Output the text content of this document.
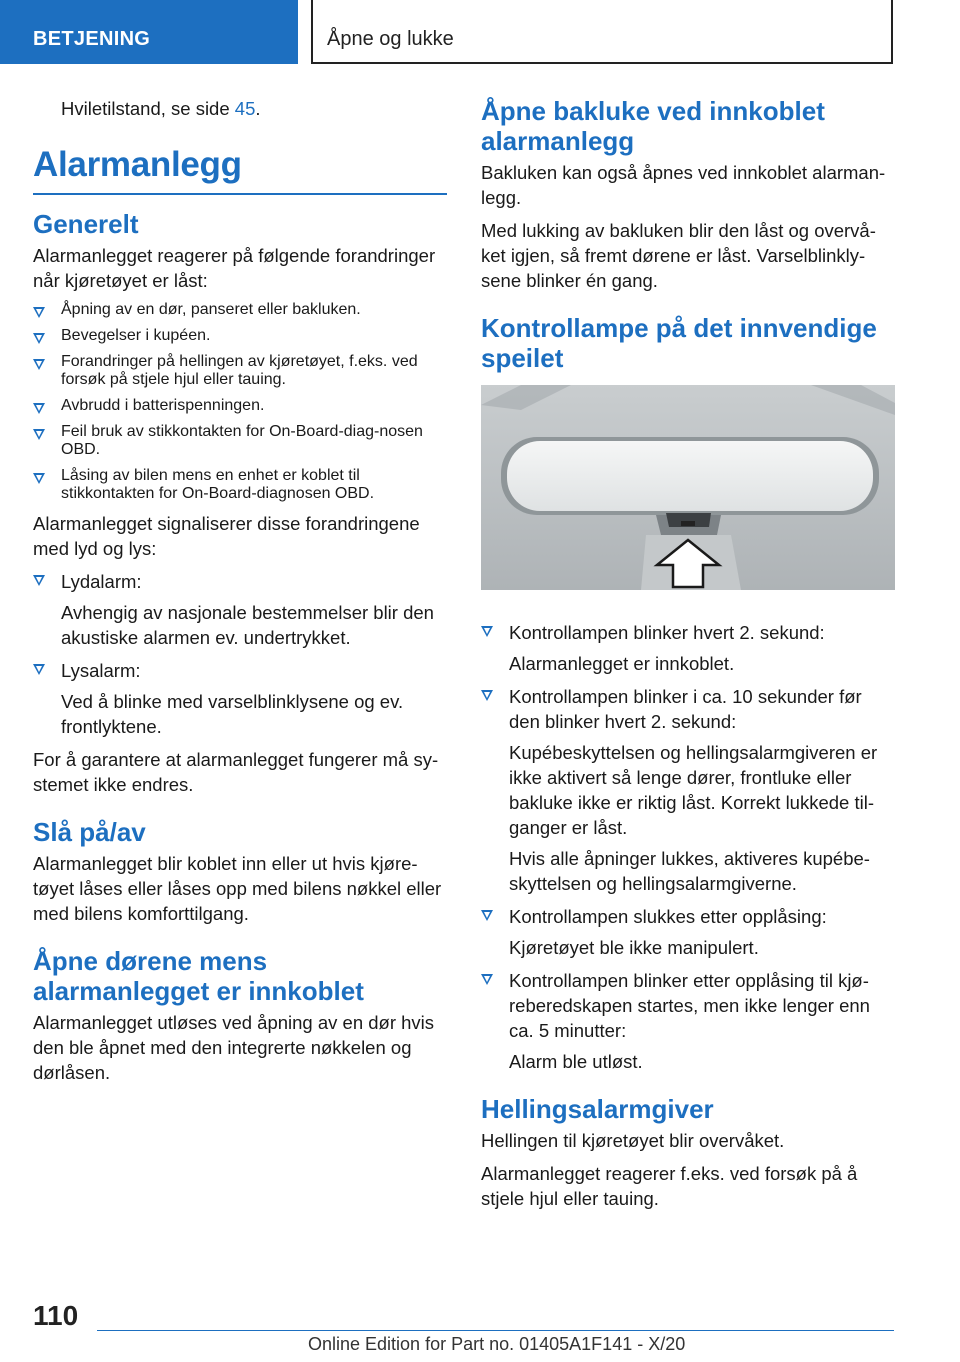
BETJENING	Åpne og lukke

Hviletilstand, se side 45.

Alarmanlegg
Generelt

Alarmanlegget reagerer på følgende forandringer når kjøretøyet er låst:

Åpning av en dør, panseret eller bakluken.
Bevegelser i kupéen.
Forandringer på hellingen av kjøretøyet, f.eks. ved forsøk på stjele hjul eller tauing.
Avbrudd i batterispenningen.
Feil bruk av stikkontakten for On-Board-diag-nosen OBD.
Låsing av bilen mens en enhet er koblet til stikkontakten for On-Board-diagnosen OBD.

Alarmanlegget signaliserer disse forandringene med lyd og lys:

Lydalarm:

Avhengig av nasjonale bestemmelser blir den akustiske alarmen ev. undertrykket.

Lysalarm:

Ved å blinke med varselblinklysene og ev. frontlyktene.

For å garantere at alarmanlegget fungerer må sy-stemet ikke endres.

Slå på/av

Alarmanlegget blir koblet inn eller ut hvis kjøre-tøyet låses eller låses opp med bilens nøkkel eller med bilens komforttilgang.

Åpne dørene mens alarmanlegget er innkoblet

Alarmanlegget utløses ved åpning av en dør hvis den ble åpnet med den integrerte nøkkelen og dørlåsen.

Åpne bakluke ved innkoblet alarmanlegg

Bakluken kan også åpnes ved innkoblet alarman-legg.

Med lukking av bakluken blir den låst og overvå-ket igjen, så fremt dørene er låst. Varselblinkly-sene blinker én gang.

Kontrollampe på det innvendige speilet

Kontrollampen blinker hvert 2. sekund:

Alarmanlegget er innkoblet.

Kontrollampen blinker i ca. 10 sekunder før den blinker hvert 2. sekund:

Kupébeskyttelsen og hellingsalarmgiveren er ikke aktivert så lenge dører, frontluke eller bakluke ikke er riktig låst. Korrekt lukkede til-ganger er låst.

Hvis alle åpninger lukkes, aktiveres kupébe-skyttelsen og hellingsalarmgiverne.

Kontrollampen slukkes etter opplåsing:

Kjøretøyet ble ikke manipulert.

Kontrollampen blinker etter opplåsing til kjø-reberedskapen startes, men ikke lenger enn ca. 5 minutter:

Alarm ble utløst.

Hellingsalarmgiver

Hellingen til kjøretøyet blir overvåket.

Alarmanlegget reagerer f.eks. ved forsøk på å stjele hjul eller tauing.

110
Online Edition for Part no. 01405A1F141 - X/20
